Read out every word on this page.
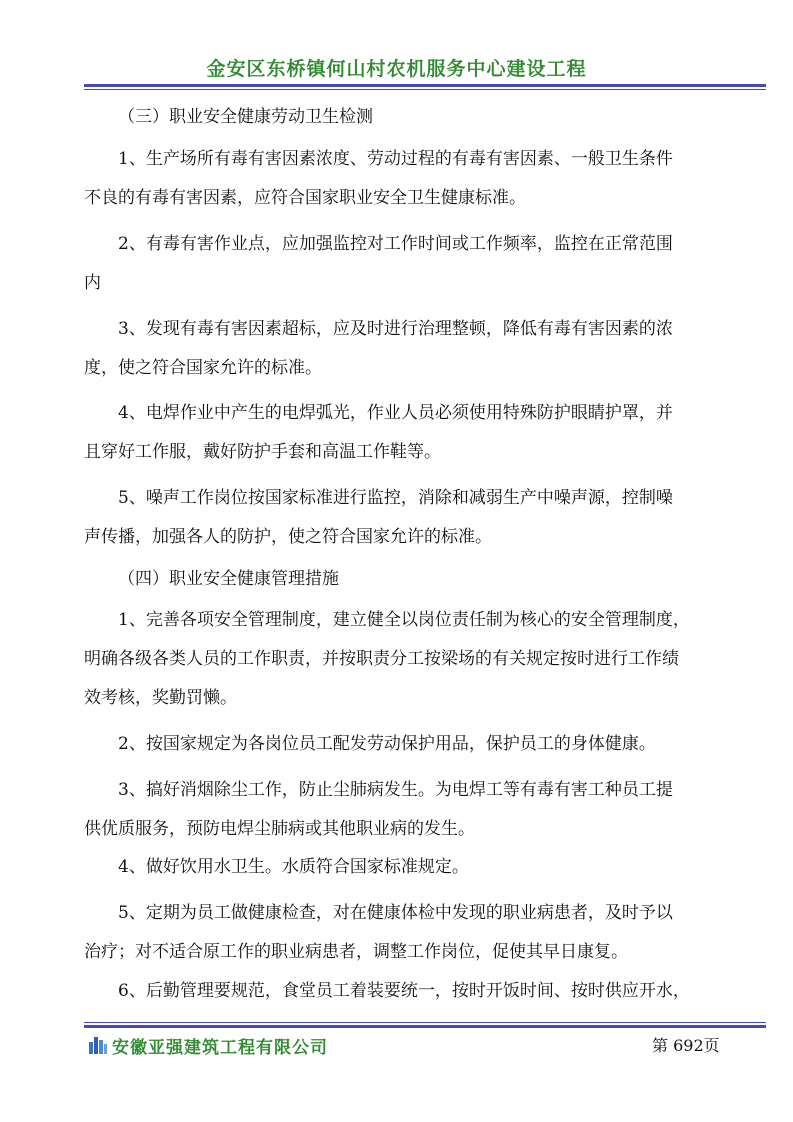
金安区东桥镇何山村农机服务中心建设工程
（三）职业安全健康劳动卫生检测
1、生产场所有毒有害因素浓度、劳动过程的有毒有害因素、一般卫生条件
不良的有毒有害因素，应符合国家职业安全卫生健康标准。
2、有毒有害作业点，应加强监控对工作时间或工作频率，监控在正常范围
内
3、发现有毒有害因素超标，应及时进行治理整顿，降低有毒有害因素的浓
度，使之符合国家允许的标准。
4、电焊作业中产生的电焊弧光，作业人员必须使用特殊防护眼睛护罩，并
且穿好工作服，戴好防护手套和高温工作鞋等。
5、噪声工作岗位按国家标准进行监控，消除和减弱生产中噪声源，控制噪
声传播，加强各人的防护，使之符合国家允许的标准。
（四）职业安全健康管理措施
1、完善各项安全管理制度，建立健全以岗位责任制为核心的安全管理制度，
明确各级各类人员的工作职责，并按职责分工按梁场的有关规定按时进行工作绩
效考核，奖勤罚懒。
2、按国家规定为各岗位员工配发劳动保护用品，保护员工的身体健康。
3、搞好消烟除尘工作，防止尘肺病发生。为电焊工等有毒有害工种员工提
供优质服务，预防电焊尘肺病或其他职业病的发生。
4、做好饮用水卫生。水质符合国家标准规定。
5、定期为员工做健康检查，对在健康体检中发现的职业病患者，及时予以
治疗；对不适合原工作的职业病患者，调整工作岗位，促使其早日康复。
6、后勤管理要规范，食堂员工着装要统一，按时开饭时间、按时供应开水，
安徽亚强建筑工程有限公司	第 692页
